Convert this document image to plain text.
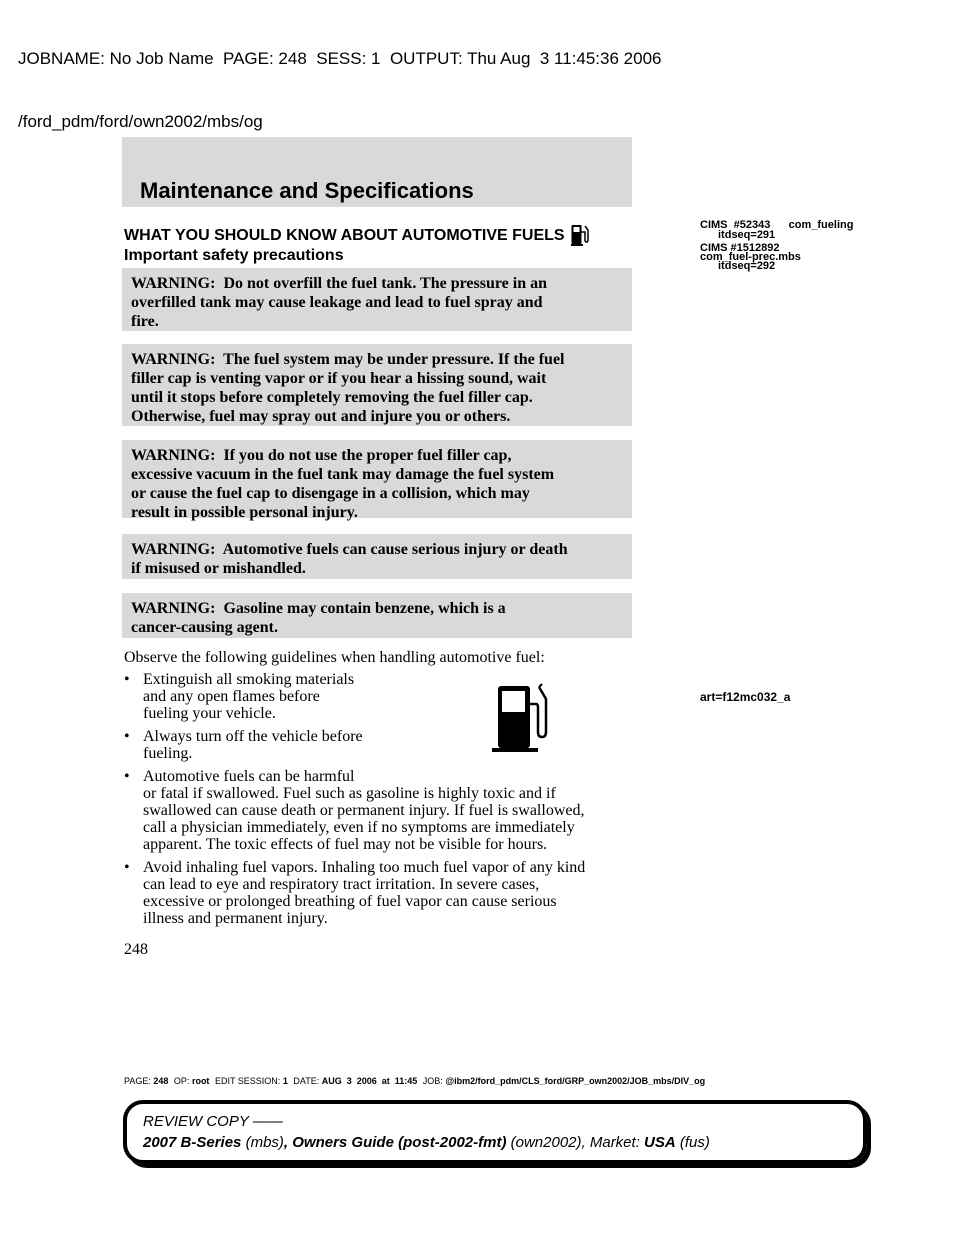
JOBNAME: No Job Name  PAGE: 248  SESS: 1  OUTPUT: Thu Aug  3 11:45:36 2006

/ford_pdm/ford/own2002/mbs/og

Maintenance and Specifications
WHAT YOU SHOULD KNOW ABOUT AUTOMOTIVE FUELS
Important safety precautions
WARNING:  Do not overfill the fuel tank. The pressure in an
overfilled tank may cause leakage and lead to fuel spray and
fire.
WARNING:  The fuel system may be under pressure. If the fuel
filler cap is venting vapor or if you hear a hissing sound, wait
until it stops before completely removing the fuel filler cap.
Otherwise, fuel may spray out and injure you or others.
WARNING:  If you do not use the proper fuel filler cap,
excessive vacuum in the fuel tank may damage the fuel system
or cause the fuel cap to disengage in a collision, which may
result in possible personal injury.
WARNING:  Automotive fuels can cause serious injury or death
if misused or mishandled.
WARNING:  Gasoline may contain benzene, which is a
cancer-causing agent.
Observe the following guidelines when handling automotive fuel:
• Extinguish all smoking materials
and any open flames before
fueling your vehicle.
• Always turn off the vehicle before
fueling.
• Automotive fuels can be harmful
or fatal if swallowed. Fuel such as gasoline is highly toxic and if
swallowed can cause death or permanent injury. If fuel is swallowed,
call a physician immediately, even if no symptoms are immediately
apparent. The toxic effects of fuel may not be visible for hours.
• Avoid inhaling fuel vapors. Inhaling too much fuel vapor of any kind
can lead to eye and respiratory tract irritation. In severe cases,
excessive or prolonged breathing of fuel vapor can cause serious
illness and permanent injury.
248
CIMS  #52343      com_fueling
itdseq=291
CIMS #1512892
com_fuel-prec.mbs
itdseq=292
art=f12mc032_a
PAGE: 248 OP: root EDIT SESSION: 1 DATE: AUG  3  2006  at  11:45 JOB: @ibm2/ford_pdm/CLS_ford/GRP_own2002/JOB_mbs/DIV_og
REVIEW COPY ——
2007 B-Series (mbs), Owners Guide (post-2002-fmt) (own2002), Market: USA (fus)
